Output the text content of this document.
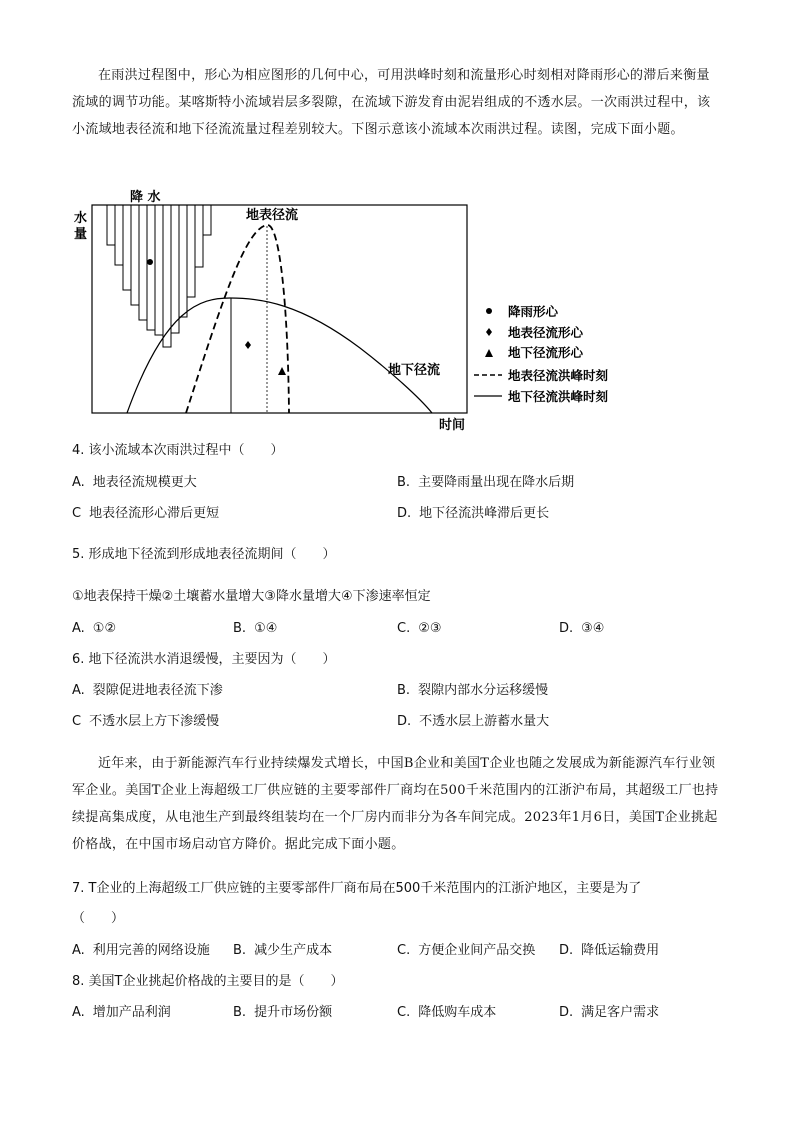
在雨洪过程图中，形心为相应图形的几何中心，可用洪峰时刻和流量形心时刻相对降雨形心的滞后来衡量流域的调节功能。某喀斯特小流域岩层多裂隙，在流域下游发育由泥岩组成的不透水层。一次雨洪过程中，该小流域地表径流和地下径流流量过程差别较大。下图示意该小流域本次雨洪过程。读图，完成下面小题。

水
量
降 水
地表径流
地下径流
时间
降雨形心
地表径流形心
地下径流形心
地表径流洪峰时刻
地下径流洪峰时刻

4. 该小流域本次雨洪过程中（　　）

A. 地表径流规模更大	B. 主要降雨量出现在降水后期
C 地表径流形心滞后更短	D. 地下径流洪峰滞后更长

5. 形成地下径流到形成地表径流期间（　　）

①地表保持干燥②土壤蓄水量增大③降水量增大④下渗速率恒定

A. ①②	B. ①④	C. ②③	D. ③④

6. 地下径流洪水消退缓慢，主要因为（　　）

A. 裂隙促进地表径流下渗	B. 裂隙内部水分运移缓慢
C 不透水层上方下渗缓慢	D. 不透水层上游蓄水量大

近年来，由于新能源汽车行业持续爆发式增长，中国B企业和美国T企业也随之发展成为新能源汽车行业领军企业。美国T企业上海超级工厂供应链的主要零部件厂商均在500千米范围内的江浙沪布局，其超级工厂也持续提高集成度，从电池生产到最终组装均在一个厂房内而非分为各车间完成。2023年1月6日，美国T企业挑起价格战，在中国市场启动官方降价。据此完成下面小题。

7. T企业的上海超级工厂供应链的主要零部件厂商布局在500千米范围内的江浙沪地区，主要是为了

（　　）

A. 利用完善的网络设施 B. 减少生产成本	C. 方便企业间产品交换 D. 降低运输费用

8. 美国T企业挑起价格战的主要目的是（　　）

A. 增加产品利润	B. 提升市场份额	C. 降低购车成本	D. 满足客户需求
